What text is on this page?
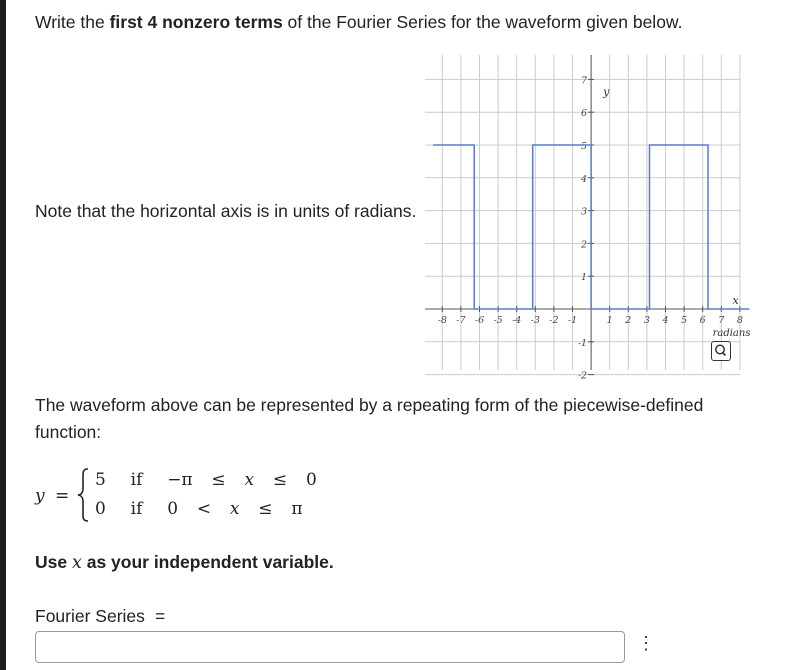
Write the first 4 nonzero terms of the Fourier Series for the waveform given below.
Note that the horizontal axis is in units of radians.
-8 -7 -6 -5 -4 -3 -2 -1	1 2 3 4 5 6 7 8
7
6
5
4
3
2
1
-1
-2
y
x
radians
The waveform above can be represented by a repeating form of the piecewise-defined function:
y =
5 if −π ≤ x ≤ 0
0 if 0 < x ≤ π
Use x as your independent variable.
Fourier Series =
⋮
